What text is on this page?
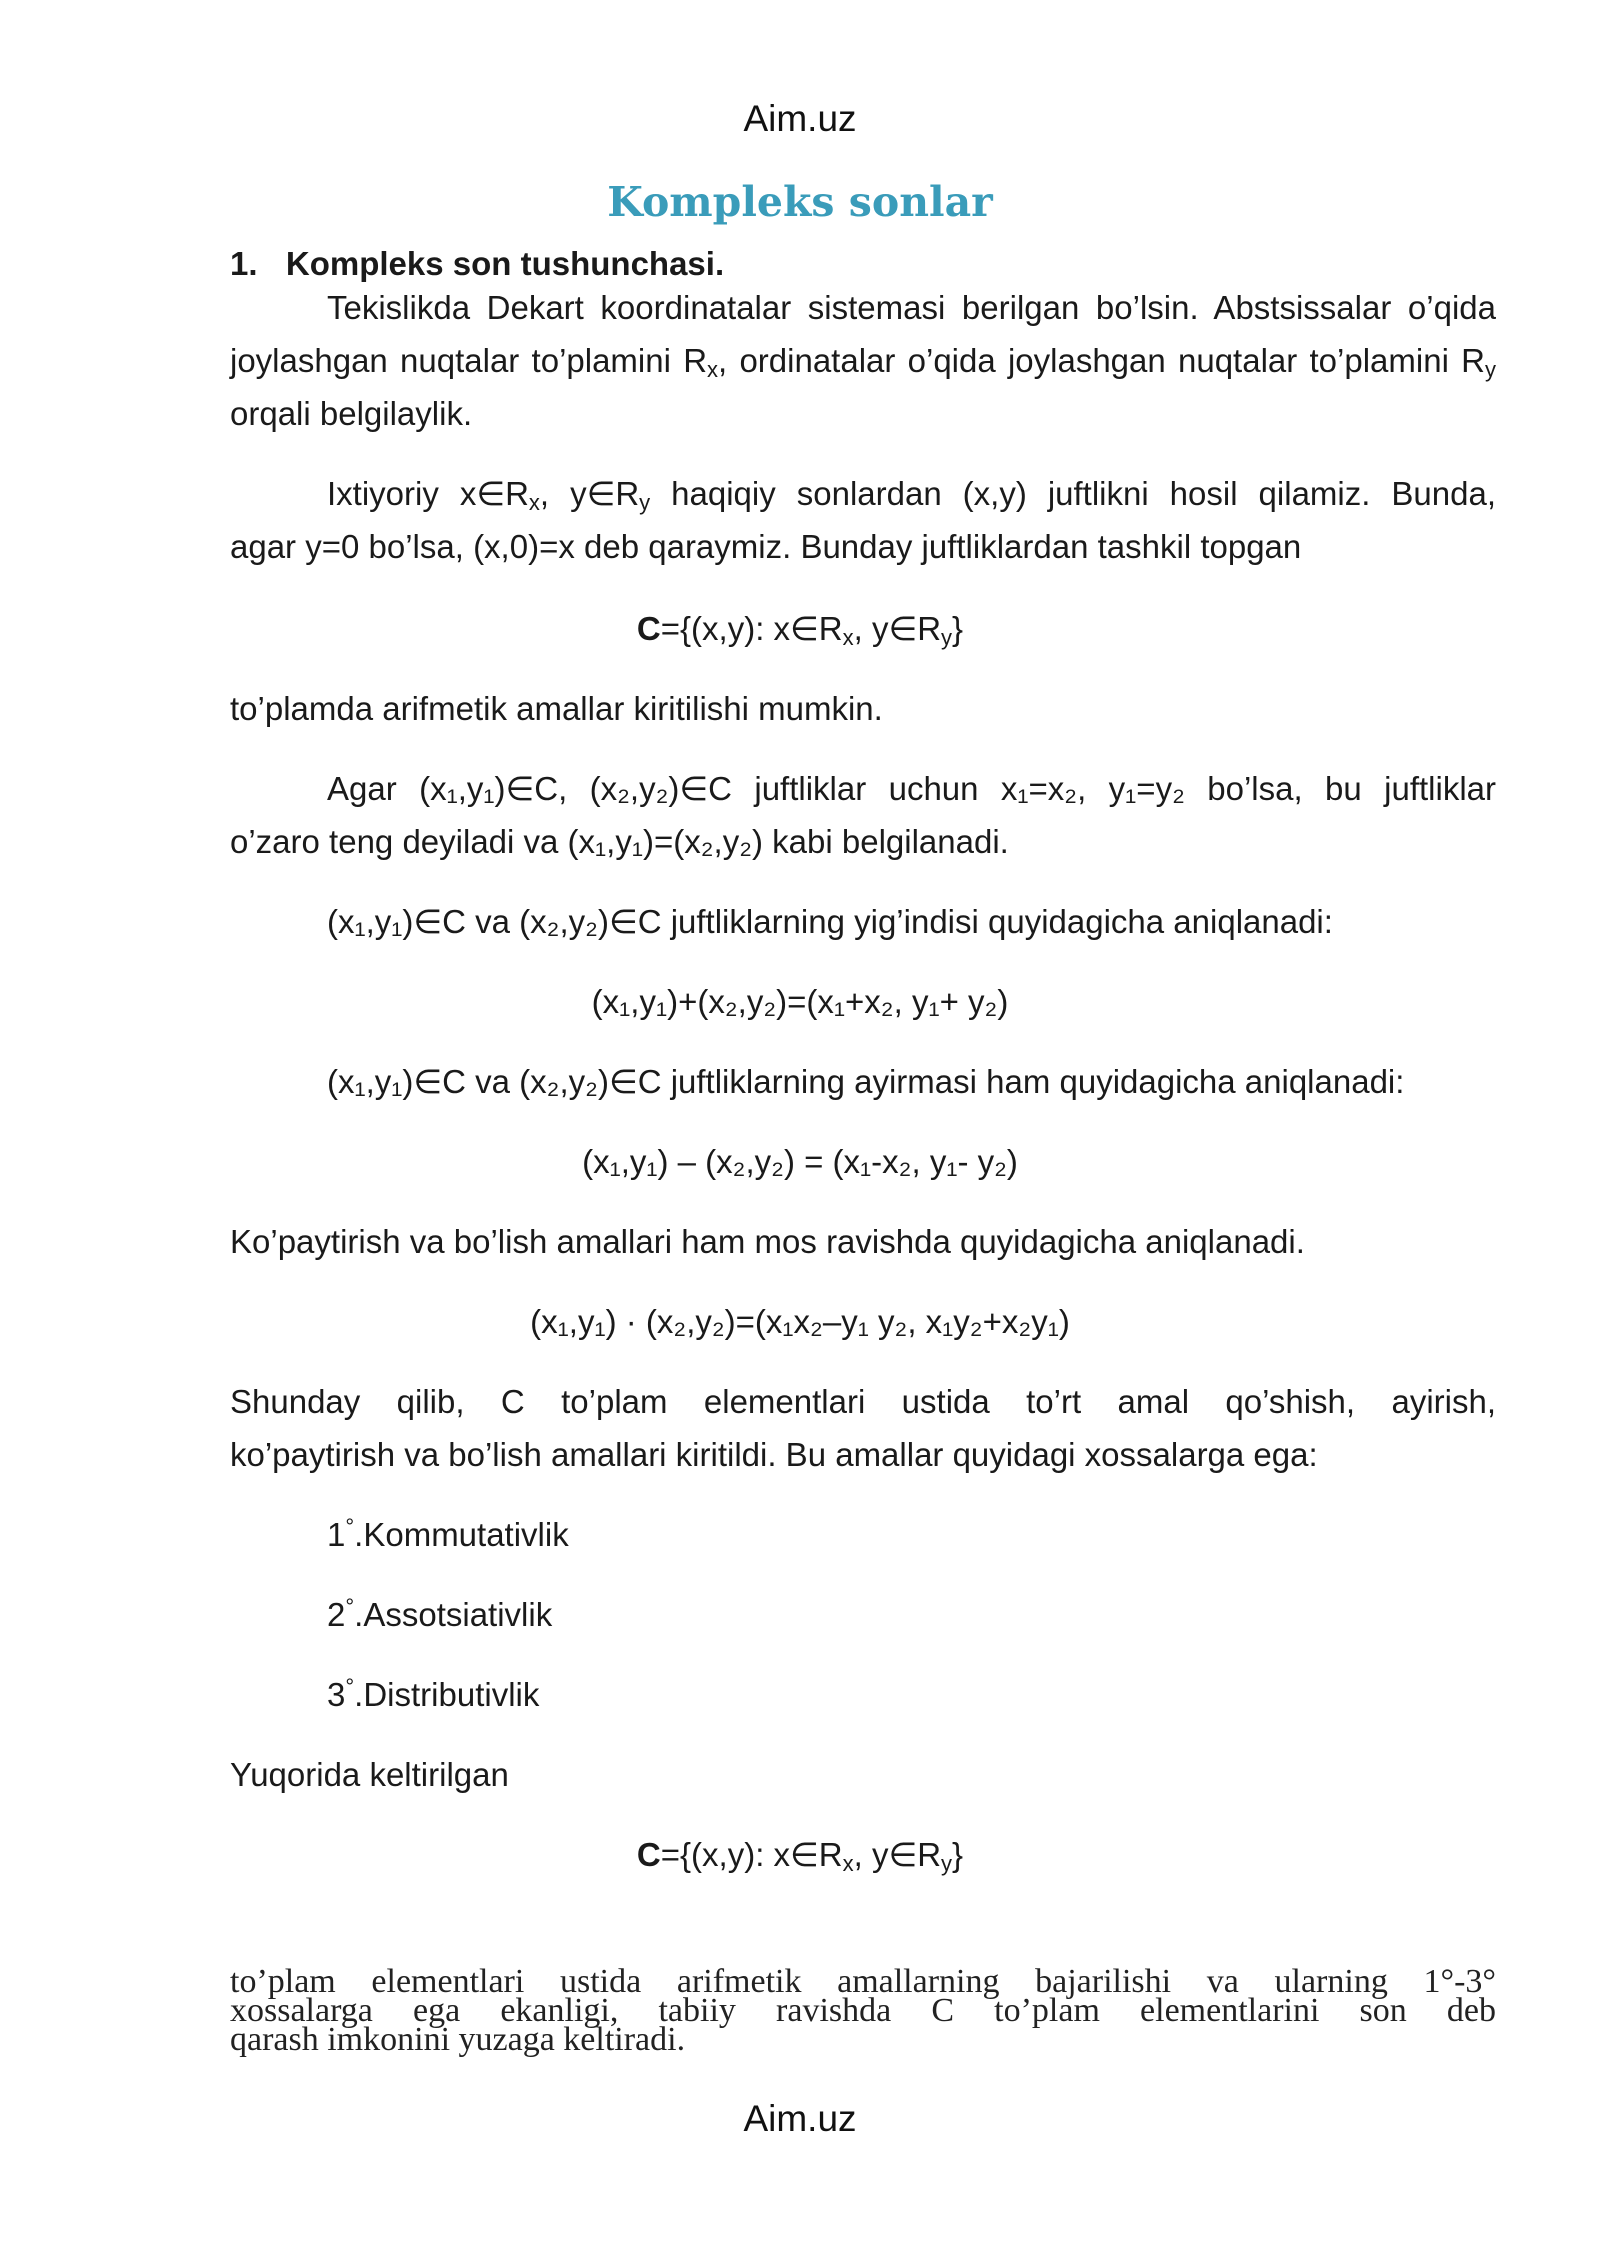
Aim.uz
Kompleks sonlar
1. Kompleks son tushunchasi.
Tekislikda Dekart koordinatalar sistemasi berilgan bo’lsin. Abstsissalar o’qida joylashgan nuqtalar to’plamini $R_x$, ordinatalar o’qida joylashgan nuqtalar to’plamini $R_y$ orqali belgilaylik.
Ixtiyoriy $x\in R_x$, $y\in R_y$ haqiqiy sonlardan (x,y) juftlikni hosil qilamiz. Bunda,
agar y=0 bo’lsa, (x,0)=x deb qaraymiz. Bunday juftliklardan tashkil topgan
C={(x,y): $x\in R_x$, $y\in R_y$}
to’plamda arifmetik amallar kiritilishi mumkin.
Agar (x₁,y₁)∈C, (x₂,y₂)∈C juftliklar uchun x₁=x₂, y₁=y₂ bo’lsa, bu juftliklar
o’zaro teng deyiladi va (x₁,y₁)=(x₂,y₂) kabi belgilanadi.
(x₁,y₁)∈C va (x₂,y₂)∈C juftliklarning yig’indisi quyidagicha aniqlanadi:
(x₁,y₁)+(x₂,y₂)=(x₁+x₂, y₁+ y₂)
(x₁,y₁)∈C va (x₂,y₂)∈C juftliklarning ayirmasi ham quyidagicha aniqlanadi:
(x₁,y₁) – (x₂,y₂) = (x₁-x₂, y₁- y₂)
Ko’paytirish va bo’lish amallari ham mos ravishda quyidagicha aniqlanadi.
(x₁,y₁) · (x₂,y₂)=(x₁x₂–y₁ y₂, x₁y₂+x₂y₁)
Shunday qilib, C to’plam elementlari ustida to’rt amal qo’shish, ayirish,
ko’paytirish va bo’lish amallari kiritildi. Bu amallar quyidagi xossalarga ega:
1°.Kommutativlik
2°.Assotsiativlik
3°.Distributivlik
Yuqorida keltirilgan
C={(x,y): $x\in R_x$, $y\in R_y$}
to’plam elementlari ustida arifmetik amallarning bajarilishi va ularning 1°-3°
xossalarga ega ekanligi, tabiiy ravishda C to’plam elementlarini son deb
qarash imkonini yuzaga keltiradi.
Aim.uz
